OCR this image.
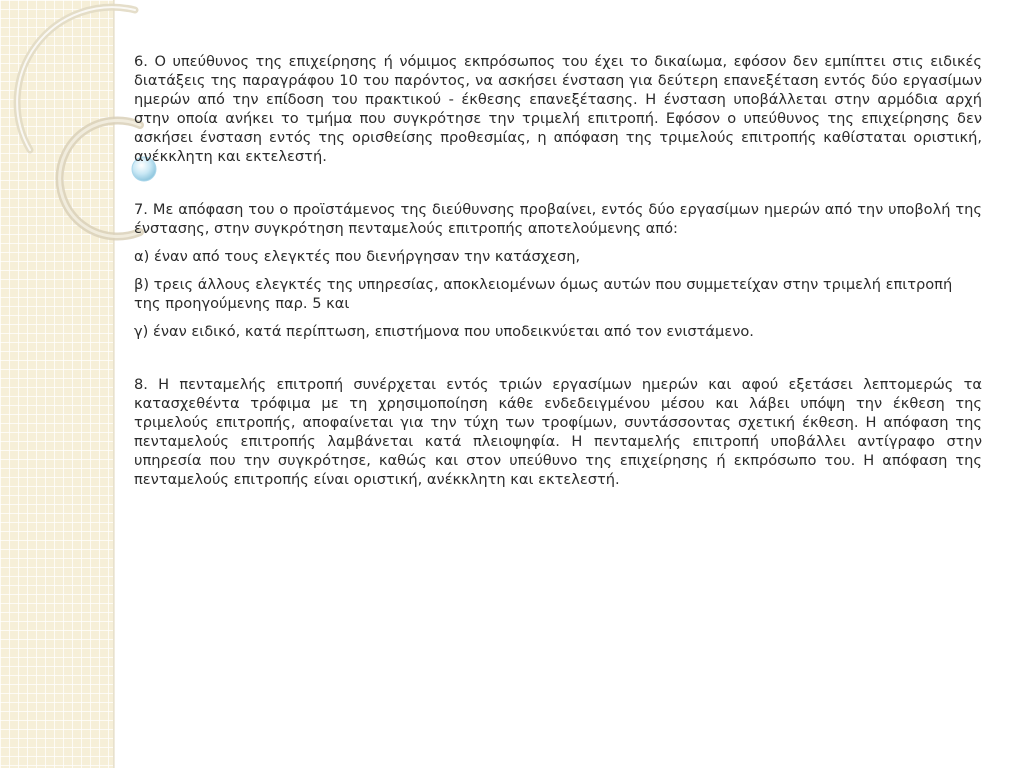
6. Ο υπεύθυνος της επιχείρησης ή νόμιμος εκπρόσωπος του έχει το δικαίωμα, εφόσον δεν εμπίπτει στις ειδικές διατάξεις της παραγράφου 10 του παρόντος, να ασκήσει ένσταση για δεύτερη επανεξέταση εντός δύο εργασίμων ημερών από την επίδοση του πρακτικού - έκθεσης επανεξέτασης. Η ένσταση υποβάλλεται στην αρμόδια αρχή στην οποία ανήκει το τμήμα που συγκρότησε την τριμελή επιτροπή. Εφόσον ο υπεύθυνος της επιχείρησης δεν ασκήσει ένσταση εντός της ορισθείσης προθεσμίας, η απόφαση της τριμελούς επιτροπής καθίσταται οριστική, ανέκκλητη και εκτελεστή.

7. Με απόφαση του ο προϊστάμενος της διεύθυνσης προβαίνει, εντός δύο εργασίμων ημερών από την υποβολή της ένστασης, στην συγκρότηση πενταμελούς επιτροπής αποτελούμενης από:

α) έναν από τους ελεγκτές που διενήργησαν την κατάσχεση,

β) τρεις άλλους ελεγκτές της υπηρεσίας, αποκλειομένων όμως αυτών που συμμετείχαν στην τριμελή επιτροπή της προηγούμενης παρ. 5 και

γ) έναν ειδικό, κατά περίπτωση, επιστήμονα που υποδεικνύεται από τον ενιστάμενο.

8. Η πενταμελής επιτροπή συνέρχεται εντός τριών εργασίμων ημερών και αφού εξετάσει λεπτομερώς τα κατασχεθέντα τρόφιμα με τη χρησιμοποίηση κάθε ενδεδειγμένου μέσου και λάβει υπόψη την έκθεση της τριμελούς επιτροπής, αποφαίνεται για την τύχη των τροφίμων, συντάσσοντας σχετική έκθεση. Η απόφαση της πενταμελούς επιτροπής λαμβάνεται κατά πλειοψηφία. Η πενταμελής επιτροπή υποβάλλει αντίγραφο στην υπηρεσία που την συγκρότησε, καθώς και στον υπεύθυνο της επιχείρησης ή εκπρόσωπο του. Η απόφαση της πενταμελούς επιτροπής είναι οριστική, ανέκκλητη και εκτελεστή.
